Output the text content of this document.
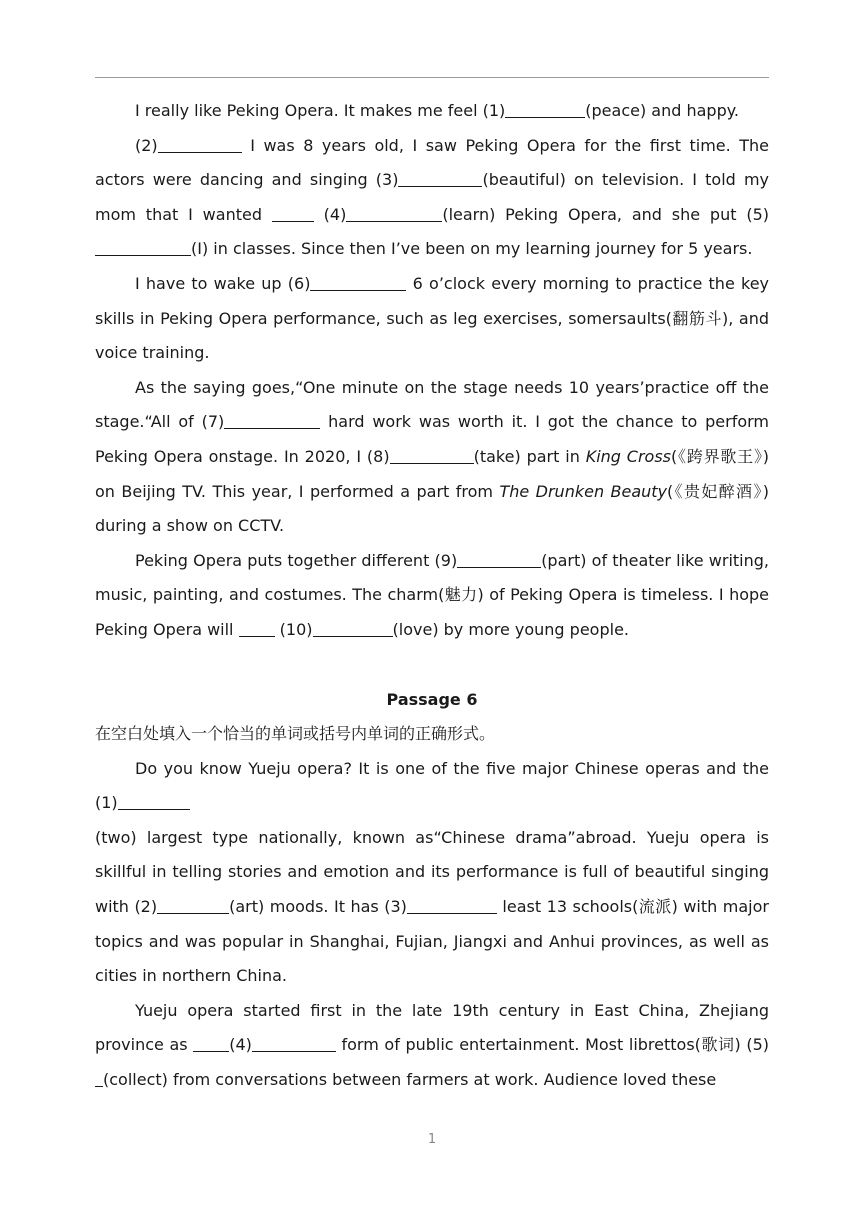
I really like Peking Opera. It makes me feel (1)	(peace) and happy.

(2)	I was 8 years old, I saw Peking Opera for the first time. The actors were dancing and singing (3)	(beautiful) on television. I told my mom that I wanted	(4)	(learn) Peking Opera, and she put (5)(I) in classes. Since then I’ve been on my learning journey for 5 years.

I have to wake up (6)	6 o’clock every morning to practice the key skills in Peking Opera performance, such as leg exercises, somersaults(翻筋斗), and voice training.

As the saying goes,“One minute on the stage needs 10 years’practice off the stage.“All of (7)	hard work was worth it. I got the chance to perform Peking Opera onstage. In 2020, I (8)	(take) part in King Cross(《跨界歌王》) on Beijing TV. This year, I performed a part from The Drunken Beauty(《贵妃醉酒》) during a show on CCTV.

Peking Opera puts together different (9)	(part) of theater like writing, music, painting, and costumes. The charm(魅力) of Peking Opera is timeless. I hope Peking Opera will  (10)	(love) by more young people.

Passage 6

在空白处填入一个恰当的单词或括号内单词的正确形式。

Do you know Yueju opera? It is one of the five major Chinese operas and the (1)

(two) largest type nationally, known as“Chinese drama”abroad. Yueju opera is skillful in telling stories and emotion and its performance is full of beautiful singing with (2)	(art) moods. It has (3)	least 13 schools(流派) with major topics and was popular in Shanghai, Fujian, Jiangxi and Anhui provinces, as well as cities in northern China.

Yueju opera started first in the late 19th century in East China, Zhejiang province as (4)	form of public entertainment. Most librettos(歌词) (5)(collect) from conversations between farmers at work. Audience loved these

1
